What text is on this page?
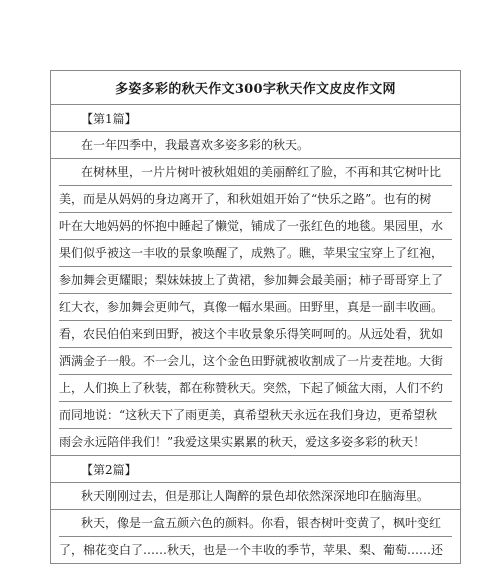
多姿多彩的秋天作文300字秋天作文皮皮作文网
【第1篇】
在一年四季中，我最喜欢多姿多彩的秋天。
在树林里，一片片树叶被秋姐姐的美丽醉红了脸，不再和其它树叶比
美，而是从妈妈的身边离开了，和秋姐姐开始了“快乐之路”。也有的树
叶在大地妈妈的怀抱中睡起了懒觉，铺成了一张红色的地毯。果园里，水
果们似乎被这一丰收的景象唤醒了，成熟了。瞧，苹果宝宝穿上了红袍，
参加舞会更耀眼；梨妹妹披上了黄裙，参加舞会最美丽；柿子哥哥穿上了
红大衣，参加舞会更帅气，真像一幅水果画。田野里，真是一副丰收画。
看，农民伯伯来到田野，被这个丰收景象乐得笑呵呵的。从远处看，犹如
洒满金子一般。不一会儿，这个金色田野就被收割成了一片麦茬地。大街
上，人们换上了秋装，都在称赞秋天。突然，下起了倾盆大雨，人们不约
而同地说：“这秋天下了雨更美，真希望秋天永远在我们身边，更希望秋
雨会永远陪伴我们！”我爱这果实累累的秋天，爱这多姿多彩的秋天！
【第2篇】
秋天刚刚过去，但是那让人陶醉的景色却依然深深地印在脑海里。
秋天，像是一盒五颜六色的颜料。你看，银杏树叶变黄了，枫叶变红
了，棉花变白了……秋天，也是一个丰收的季节，苹果、梨、葡萄……还
